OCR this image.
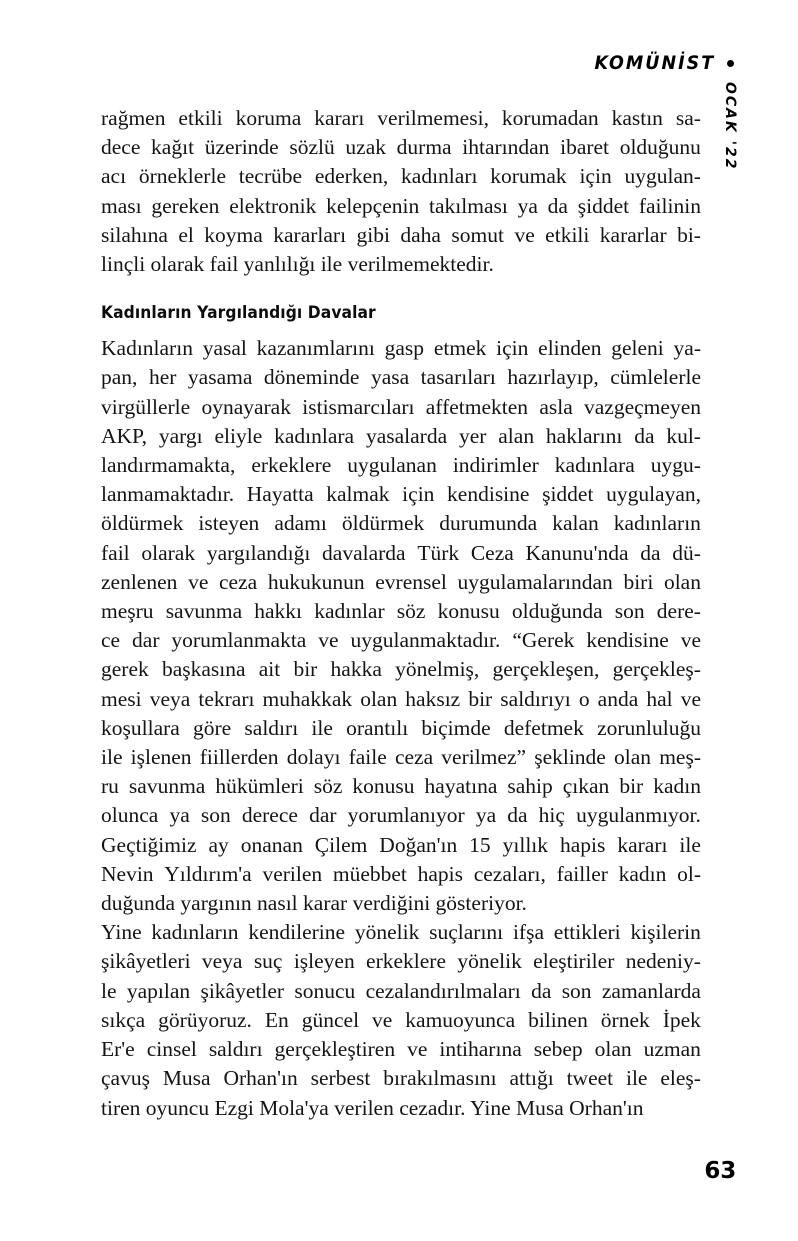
KOMÜNİST
OCAK '22

rağmen etkili koruma kararı verilmemesi, korumadan kastın sa-
dece kağıt üzerinde sözlü uzak durma ihtarından ibaret olduğunu
acı örneklerle tecrübe ederken, kadınları korumak için uygulan-
ması gereken elektronik kelepçenin takılması ya da şiddet failinin
silahına el koyma kararları gibi daha somut ve etkili kararlar bi-
linçli olarak fail yanlılığı ile verilmemektedir.

Kadınların Yargılandığı Davalar

Kadınların yasal kazanımlarını gasp etmek için elinden geleni ya-
pan, her yasama döneminde yasa tasarıları hazırlayıp, cümlelerle
virgüllerle oynayarak istismarcıları affetmekten asla vazgeçmeyen
AKP, yargı eliyle kadınlara yasalarda yer alan haklarını da kul-
landırmamakta, erkeklere uygulanan indirimler kadınlara uygu-
lanmamaktadır. Hayatta kalmak için kendisine şiddet uygulayan,
öldürmek isteyen adamı öldürmek durumunda kalan kadınların
fail olarak yargılandığı davalarda Türk Ceza Kanunu'nda da dü-
zenlenen ve ceza hukukunun evrensel uygulamalarından biri olan
meşru savunma hakkı kadınlar söz konusu olduğunda son dere-
ce dar yorumlanmakta ve uygulanmaktadır. “Gerek kendisine ve
gerek başkasına ait bir hakka yönelmiş, gerçekleşen, gerçekleş-
mesi veya tekrarı muhakkak olan haksız bir saldırıyı o anda hal ve
koşullara göre saldırı ile orantılı biçimde defetmek zorunluluğu
ile işlenen fiillerden dolayı faile ceza verilmez” şeklinde olan meş-
ru savunma hükümleri söz konusu hayatına sahip çıkan bir kadın
olunca ya son derece dar yorumlanıyor ya da hiç uygulanmıyor.
Geçtiğimiz ay onanan Çilem Doğan'ın 15 yıllık hapis kararı ile
Nevin Yıldırım'a verilen müebbet hapis cezaları, failler kadın ol-
duğunda yargının nasıl karar verdiğini gösteriyor.

Yine kadınların kendilerine yönelik suçlarını ifşa ettikleri kişilerin
şikâyetleri veya suç işleyen erkeklere yönelik eleştiriler nedeniy-
le yapılan şikâyetler sonucu cezalandırılmaları da son zamanlarda
sıkça görüyoruz. En güncel ve kamuoyunca bilinen örnek İpek
Er'e cinsel saldırı gerçekleştiren ve intiharına sebep olan uzman
çavuş Musa Orhan'ın serbest bırakılmasını attığı tweet ile eleş-
tiren oyuncu Ezgi Mola'ya verilen cezadır. Yine Musa Orhan'ın

63
